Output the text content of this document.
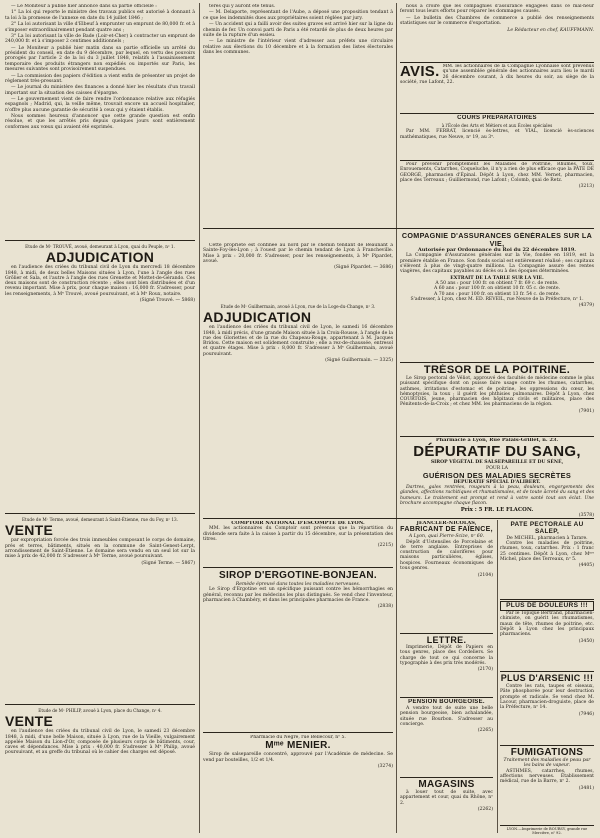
— Le Moniteur a publié hier annonce dans sa partie officielle :

1° La loi qui reporte le ministre des travaux publics est autorisé à donnant à ta loi à la promesse de l'annexe en date du 14 juillet 1846 ;

2° La loi autorisant la ville d'Elbeuf à emprunter un emprunt de 80,000 fr. et à s'imposer extraordinairement pendant quatre ans ;

3° La loi autorisant la ville de Bade (Loir-et-Cher) à contracter un emprunt de 240,000 fr. et à s'imposer 2 centimes additionnels ;

— Le Moniteur a publié hier matin dans sa partie officielle un arrêté du président du conseil, en date du 9 décembre, par lequel, en vertu des pouvoirs prorogés par l'article 2 de la loi du 3 juillet 1848, relatifs à l'assainissement temporaire des produits étrangers non expédiés ou importés sur Paris, les mesures suivantes sont provisoirement suspendues.

— La commission des papiers d'édition a vient enfin de présenter un projet de règlement très-pressant.

— Le journal du ministère des finances a donné hier les résultats d'un travail important sur la situation des caisses d'épargne.

— Le gouvernement vient de faire rendre l'ordonnance relative aux réfugiés espagnols ; Madrid, qui, la veille même, trouvait encore un accueil hospitalier, n'offre plus aucune garantie de sécurité à ceux qui y étaient établis.

Nous sommes heureux d'annoncer que cette grande question est enfin résolue, et que les arrêtés pris depuis quelques jours sont entièrement conformes aux vœux qui avaient été exprimés.

Etude de Mᵉ TROUVÉ, avoué, demeurant à Lyon, quai du Peuple, nᵒ 1.
ADJUDICATION

en l'audience des criées du tribunal civil de Lyon du mercredi 18 décembre 1848, à midi, de deux belles Maisons situées à Lyon, l'une à l'angle des rues Grôlier et Sala, et l'autre à l'angle des rues Grenette et Mottet-de-Gérando. Ces deux maisons sont de construction récente ; elles sont bien distribuées et d'un revenu important. Mise à prix, pour chaque maison : 16,000 fr. S'adresser, pour les renseignements, à Mᵉ Trouvé, avoué poursuivant, et à Mᵉ Roux, notaire.

(Signé Trouvé. — 5868)

Etude de Mᵉ Terme, avoué, demeurant à Saint-Étienne, rue du Foy, nᵒ 13.
VENTE

par expropriation forcée des trois immeubles composant le corps de domaine, prés et terres, bâtiments, situés en la commune de Saint-Genest-Lerpt, arrondissement de Saint-Étienne. Le domaine sera vendu en un seul lot sur la mise à prix de 42,000 fr. S'adresser à Mᵉ Terme, avoué poursuivant.

(Signé Terme. — 5867)

Etude de Mᵉ PHILIP, avoué à Lyon, place du Change, nᵒ 4.
VENTE

en l'audience des criées du tribunal civil de Lyon, le samedi 23 décembre 1848, à midi, d'une belle Maison, située à Lyon, rue de la Vieille, vulgairement appelée Maison du Lion-d'Or, composée de plusieurs corps de bâtiments, cour, caves et dépendances. Mise à prix : 40,000 fr. S'adresser à Mᵉ Philip, avoué poursuivant, et au greffe du tribunal où le cahier des charges est déposé.

tères qui y auront été tenus.

— M. Delaporte, représentant de l'Aube, a déposé une proposition tendant à ce que les indemnités dues aux propriétaires soient réglées par jury.

— Un accident qui a failli avoir des suites graves est arrivé hier sur la ligne du chemin de fer. Un convoi parti de Paris a été retardé de plus de deux heures par suite de la rupture d'un essieu.

— Le ministre de l'intérieur vient d'adresser aux préfets une circulaire relative aux élections du 10 décembre et à la formation des listes électorales dans les communes.

nous a croire que les compagnies d'assurance engagées dans ce mal-heur feront tous leurs efforts pour réparer les dommages causés.

— Le bulletin des Chambres de commerce a publié des renseignements statistiques sur le commerce d'exportation.

Le Rédacteur en chef, KAUFFMANN.

AVIS. MM. les actionnaires de la Compagnie Lyonnaise sont prévenus qu'une assemblée générale des actionnaires aura lieu le mardi 26 décembre courant, à dix heures du soir, au siège de la société, rue Lafont, 22.
COURS PRÉPARATOIRES
à l'École des Arts et Métiers et aux Écoles spéciales

Par MM. FERRAT, licencié ès-lettres, et VIAL, licencié ès-sciences mathématiques, rue Neuve, nᵒ 19, au 3ᵉ.

Pour prévenir promptement les Maladies de Poitrine, Rhumes, toux, Enrouements, Catarrhes, Coqueluche, il n'y a rien de plus efficace que la PÂTE DE GEORGÉ, pharmacien d'Épinal. Dépôt à Lyon, chez MM. Vernet, pharmacien, place des Terreaux ; Guilliermond, rue Lafont ; Colomb, quai de Retz.

(3213)

Cette propriété est confinée au nord par le chemin tendant de Beaunant à Sainte-Foy-lès-Lyon ; à l'ouest par le chemin tendant de Lyon à Francheville. Mise à prix : 20,000 fr. S'adresser, pour les renseignements, à Mᵉ Pipardet, avoué.

(Signé Pipardet. — 3686)

COMPAGNIE D'ASSURANCES GÉNÉRALES SUR LA VIE,
Autorisée par Ordonnance du Roi du 22 décembre 1819.

La Compagnie d'Assurances générales sur la Vie, fondée en 1819, est la première établie en France. Son fonds social est entièrement réalisé ; ses capitaux s'élèvent à plus de vingt-quatre millions. La Compagnie assure des rentes viagères, des capitaux payables au décès ou à des époques déterminées.

EXTRAIT DE LA TABLE SUR LA VIE.
A 50 ans : pour 100 fr. on obtient 7 fr. 69 c. de rente.
A 60 ans : pour 100 fr. on obtient 10 fr. 05 c. de rente.
A 70 ans : pour 100 fr. on obtient 13 fr. 54 c. de rente.

S'adresser, à Lyon, chez M. ED. REVEIL, rue Neuve de la Préfecture, nᵒ 1.

(4379)

Etude de Mᵉ Guilhermain, avoué à Lyon, rue de la Loge-du-Change, nᵒ 3.
ADJUDICATION

en l'audience des criées du tribunal civil de Lyon, le samedi 16 décembre 1848, à midi précis, d'une grande Maison située à la Croix-Rousse, à l'angle de la rue des Gloriettes et de la rue du Chapeau-Rouge, appartenant à M. Jacques Bridou. Cette maison est solidement construite ; elle a rez-de-chaussée, entresol et quatre étages. Mise à prix : 8,000 fr. S'adresser à Mᵉ Guilhermain, avoué poursuivant.

(Signé Guilhermain. — 3325)

TRÉSOR DE LA POITRINE.

Le Sirop pectoral de Véliot, approuvé des facultés de médecine comme le plus puissant spécifique dont on puisse faire usage contre les rhumes, catarrhes, asthmes, irritations d'estomac et de poitrine, les oppressions du cœur, les hémoptysies, la toux ; il guérit les phthisies pulmonaires. Dépôt à Lyon, chez COURTOIS, jeune, pharmacien des hôpitaux civils et militaires, place des Pénitents-de-la-Croix ; et chez MM. les pharmaciens de la région.

(7901)

Pharmacie à Lyon, Rue Palais-Grillet, n. 23.
DÉPURATIF DU SANG,
SIROP VÉGÉTAL DE SALSEPAREILLE ET DU SÉNÉ,
POUR LA
GUÉRISON DES MALADIES SECRÈTES
DEPURATIF SPÉCIAL D'ALIBERT.

Dartres, gales rentrées, rougeurs à la peau, douleurs, engorgements des glandes, affections rachitiques et rhumatismales, et de toute âcreté du sang et des humeurs. Le traitement est prompt et rend à votre santé tout son éclat. Une brochure accompagne chaque flacon.

Prix : 5 FR. LE FLACON.

(3578)

COMPTOIR NATIONAL D'ESCOMPTE DE LYON.

MM. les actionnaires du Comptoir sont prévenus que la répartition du dividende sera faite à la caisse à partir du 15 décembre, sur la présentation des titres.

(2215)

SIROP D'ERGOTINE-BONJEAN.
Remède épreuvé dans toutes les maladies nerveuses.

Le Sirop d'Ergotine est un spécifique puissant contre les hémorrhagies en général, reconnu par les médecins les plus distingués. Se vend chez l'inventeur, pharmacien à Chambéry, et dans les principales pharmacies de France.

(2838)

Pharmacie du Nègre, rue Bellecour, nᵒ 5.
Mᵐᵉ MENIER.

Sirop de salsepareille concentré, approuvé par l'Académie de médecine. Se vend par bouteilles, 1/2 et 1/4.

(3274)

JEANCLER-NICOLAS,
FABRICANT DE FAÏENCE,
A Lyon, quai Pierre-Scize, nᵒ 60.

Dépôt d'Ustensiles de Porcelaine et de terre anglaise. Entreprises de construction de calorifères pour maisons particulières, églises, hospices. Fourneaux économiques de tous genres.

(2104)

LETTRE.

Imprimerie, Dépôt de Papiers en tous genres, place des Cordeliers. Se charge de tout ce qui concerne la typographie à des prix très modérés.

(2170)

PENSION BOURGEOISE.

A vendre tout de suite une belle pension bourgeoise, bien achalandée, située rue Bourbon. S'adresser au concierge.

(2265)

MAGASINS

à louer tout de suite, avec appartement et cour, quai du Rhône, nᵒ 2.

(2262)

PATE PECTORALE AU SALEP,
De MICHEL, pharmacien à Tarare.

Contre les maladies de poitrine, rhumes, toux, catarrhes. Prix : 1 franc 25 centimes. Dépôt à Lyon, chez Mᵐᵉ Michel, place des Terreaux, nᵒ 5.

(4405)

PLUS DE DOULEURS !!!

Par le Topique Bertrand, pharmacien-chimiste, on guérit les rhumatismes, maux de tête, rhumes de poitrine, etc. Dépôt à Lyon chez les principaux pharmaciens.

(3450)

PLUS D'ARSENIC !!!

Contre les rats, taupes et oiseaux, Pâte phosphorée pour leur destruction prompte et radicale. Se vend chez M. Lacour, pharmacien-droguiste, place de la Préfecture, nᵒ 14.

(7946)

FUMIGATIONS
Traitement des maladies de peau par les bains de vapeur.

ASTHMES, catarrhes, rhumes, affections nerveuses. Établissement médical, rue de la Barre, nᵒ 2.

(3481)

LYON.—Imprimerie de BOURSY, grande rue Mercière, nᵒ 92.
